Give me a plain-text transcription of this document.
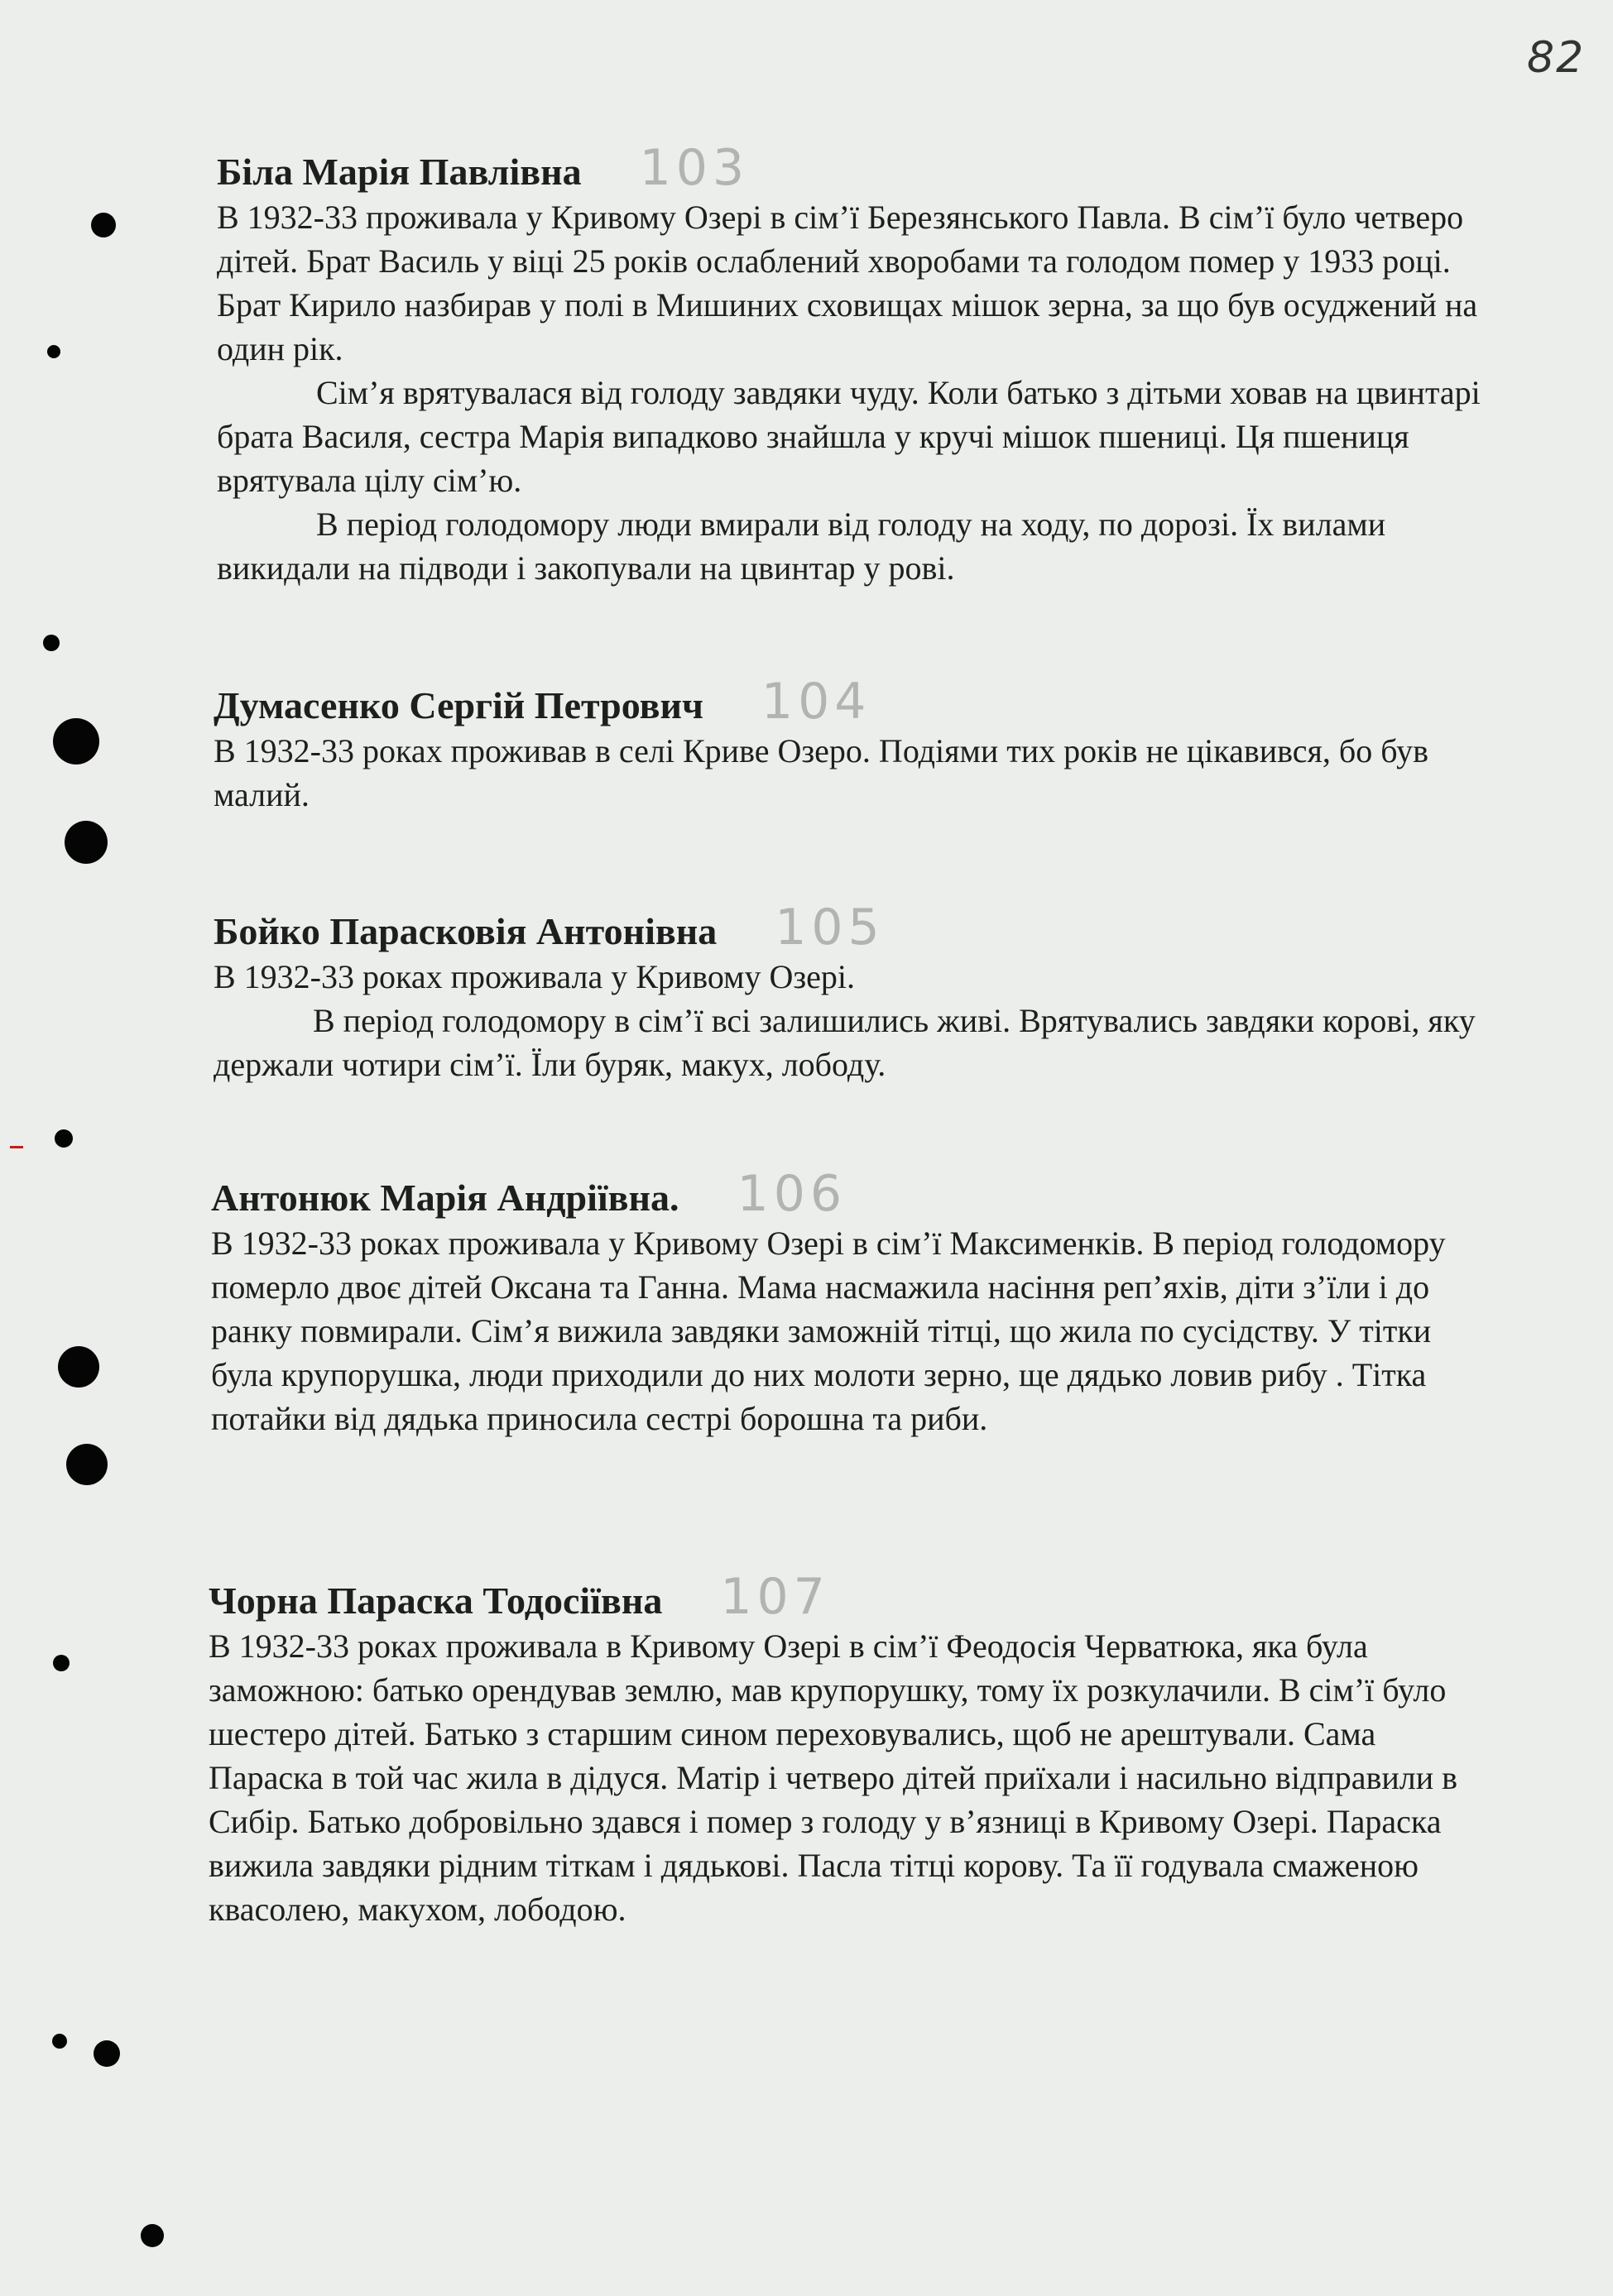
82
Біла Марія Павлівна 103

В 1932-33 проживала у Кривому Озері в сім’ї Березянського Павла. В сім’ї було четверо дітей. Брат Василь у віці 25 років ослаблений хворобами та голодом помер у 1933 році.

Брат Кирило назбирав у полі в Мишиних сховищах мішок зерна, за що був осуджений на один рік.

Сім’я врятувалася від голоду завдяки чуду. Коли батько з дітьми ховав на цвинтарі брата Василя, сестра Марія випадково знайшла у кручі мішок пшениці. Ця пшениця врятувала цілу сім’ю.

В період голодомору люди вмирали від голоду на ходу, по дорозі. Їх вилами викидали на підводи і закопували на цвинтар у рові.

Думасенко Сергій Петрович 104

В 1932-33 роках проживав в селі Криве Озеро. Подіями тих років не цікавився, бо був малий.

Бойко Парасковія Антонівна 105

В 1932-33 роках проживала у Кривому Озері.

В період голодомору в сім’ї всі залишились живі. Врятувались завдяки корові, яку держали чотири сім’ї. Їли буряк, макух, лободу.

Антонюк Марія Андріївна. 106

В 1932-33 роках проживала у Кривому Озері в сім’ї Максименків. В період голодомору померло двоє дітей Оксана та Ганна. Мама насмажила насіння реп’яхів, діти з’їли і до ранку повмирали. Сім’я вижила завдяки заможній тітці, що жила по сусідству. У тітки була крупорушка, люди приходили до них молоти зерно, ще дядько ловив рибу . Тітка потайки від дядька приносила сестрі борошна та риби.

Чорна Параска Тодосіївна 107

В 1932-33 роках проживала в Кривому Озері в сім’ї Феодосія Черватюка, яка була заможною: батько орендував землю, мав крупорушку, тому їх розкулачили. В сім’ї було шестеро дітей. Батько з старшим сином переховувались, щоб не арештували. Сама Параска в той час жила в дідуся. Матір і четверо дітей приїхали і насильно відправили в Сибір. Батько добровільно здався і помер з голоду у в’язниці в Кривому Озері. Параска вижила завдяки рідним тіткам і дядькові. Пасла тітці корову. Та її годувала смаженою квасолею, макухом, лободою.
